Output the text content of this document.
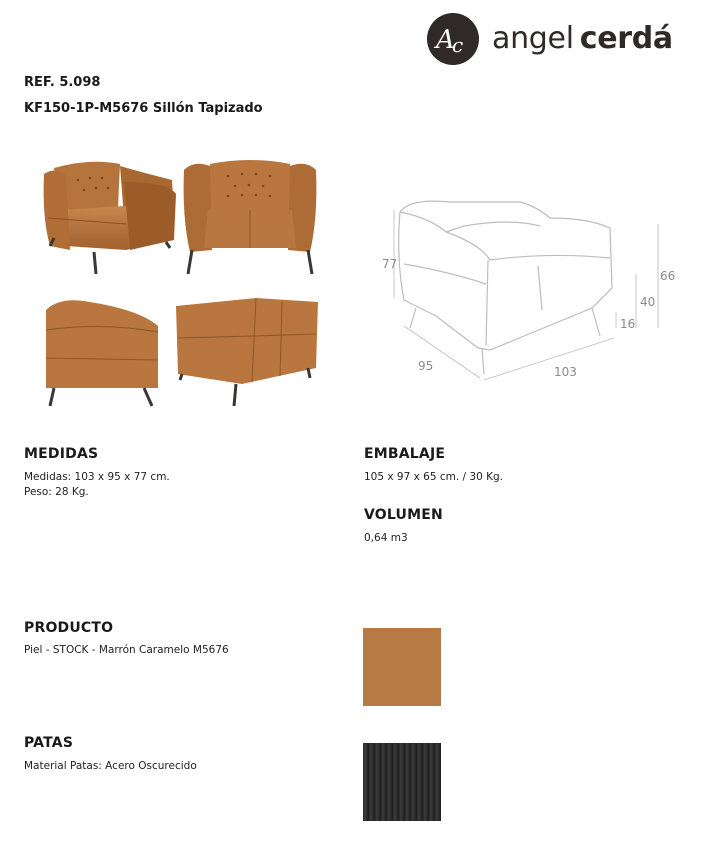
A
c angel cerdá
REF. 5.098
KF150-1P-M5676 Sillón Tapizado
77
66
40
16
95	103
MEDIDAS
Medidas: 103 x 95 x 77 cm.
Peso: 28 Kg.
EMBALAJE
105 x 97 x 65 cm. / 30 Kg.
VOLUMEN
0,64 m3
PRODUCTO
Piel - STOCK - Marrón Caramelo M5676
PATAS
Material Patas: Acero Oscurecido
